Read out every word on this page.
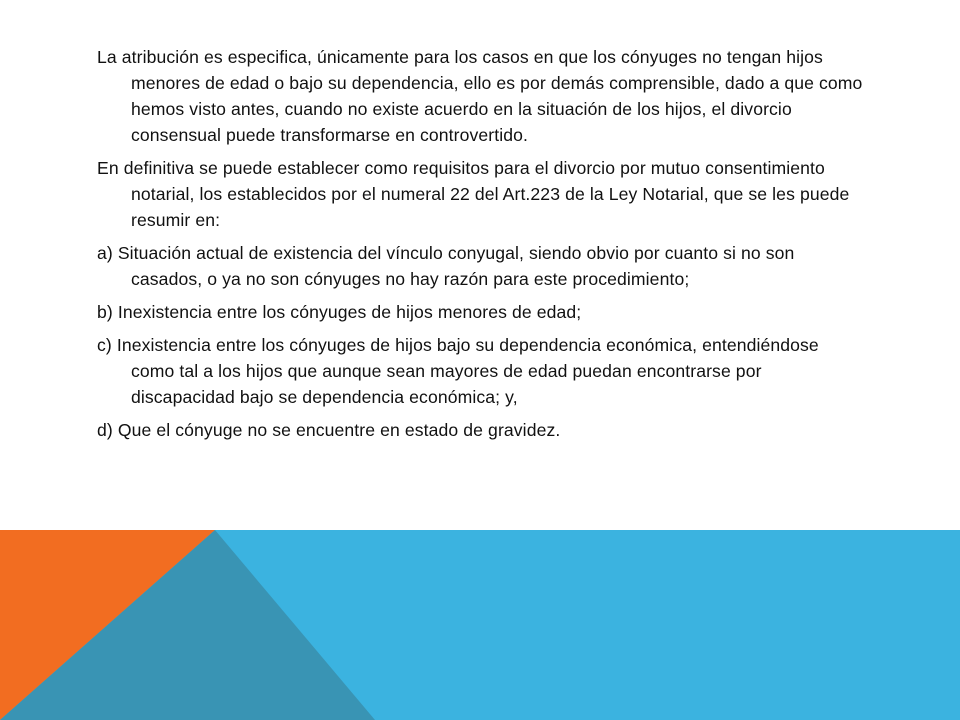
La atribución es especifica, únicamente para los casos en que los cónyuges no tengan hijos menores de edad o bajo su dependencia, ello es por demás comprensible, dado a que como hemos visto antes, cuando no existe acuerdo en la situación de los hijos, el divorcio consensual puede transformarse en controvertido.

En definitiva se puede establecer como requisitos para el divorcio por mutuo consentimiento notarial, los establecidos por el numeral 22 del Art.223 de la Ley Notarial, que se les puede resumir en:

a) Situación actual de existencia del vínculo conyugal, siendo obvio por cuanto si no son casados, o ya no son cónyuges no hay razón para este procedimiento;

b) Inexistencia entre los cónyuges de hijos menores de edad;

c) Inexistencia entre los cónyuges de hijos bajo su dependencia económica, entendiéndose como tal a los hijos que aunque sean mayores de edad puedan encontrarse por discapacidad bajo se dependencia económica; y,

d) Que el cónyuge no se encuentre en estado de gravidez.
